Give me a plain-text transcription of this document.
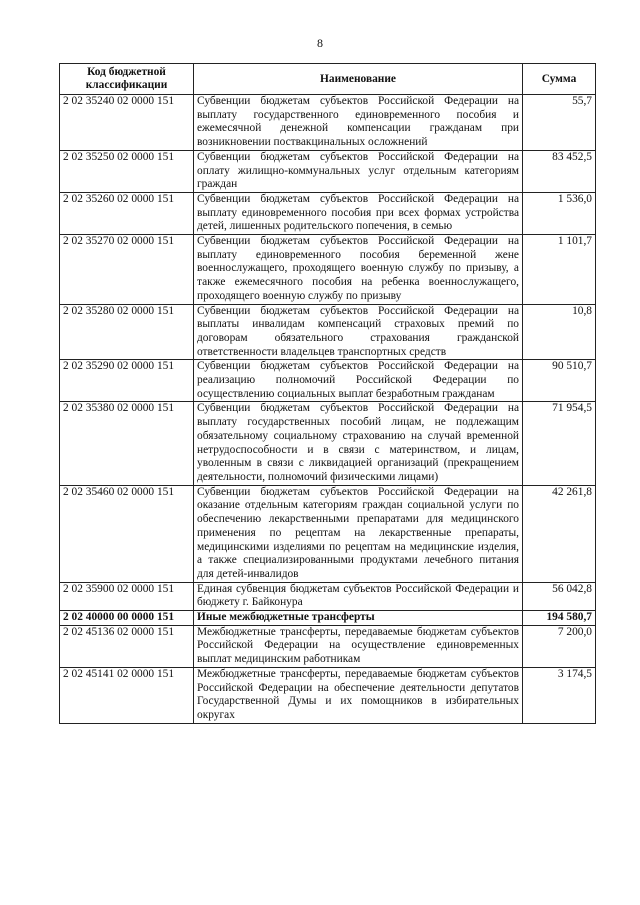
8
Код бюджетной классификации	Наименование	Сумма
2 02 35240 02 0000 151	Субвенции бюджетам субъектов Российской Федерации на выплату государственного единовременного пособия и ежемесячной денежной компенсации гражданам при возникновении поствакцинальных осложнений	55,7
2 02 35250 02 0000 151	Субвенции бюджетам субъектов Российской Федерации на оплату жилищно-коммунальных услуг отдельным категориям граждан	83 452,5
2 02 35260 02 0000 151	Субвенции бюджетам субъектов Российской Федерации на выплату единовременного пособия при всех формах устройства детей, лишенных родительского попечения, в семью	1 536,0
2 02 35270 02 0000 151	Субвенции бюджетам субъектов Российской Федерации на выплату единовременного пособия беременной жене военнослужащего, проходящего военную службу по призыву, а также ежемесячного пособия на ребенка военнослужащего, проходящего военную службу по призыву	1 101,7
2 02 35280 02 0000 151	Субвенции бюджетам субъектов Российской Федерации на выплаты инвалидам компенсаций страховых премий по договорам обязательного страхования гражданской ответственности владельцев транспортных средств	10,8
2 02 35290 02 0000 151	Субвенции бюджетам субъектов Российской Федерации на реализацию полномочий Российской Федерации по осуществлению социальных выплат безработным гражданам	90 510,7
2 02 35380 02 0000 151	Субвенции бюджетам субъектов Российской Федерации на выплату государственных пособий лицам, не подлежащим обязательному социальному страхованию на случай временной нетрудоспособности и в связи с материнством, и лицам, уволенным в связи с ликвидацией организаций (прекращением деятельности, полномочий физическими лицами)	71 954,5
2 02 35460 02 0000 151	Субвенции бюджетам субъектов Российской Федерации на оказание отдельным категориям граждан социальной услуги по обеспечению лекарственными препаратами для медицинского применения по рецептам на лекарственные препараты, медицинскими изделиями по рецептам на медицинские изделия, а также специализированными продуктами лечебного питания для детей-инвалидов	42 261,8
2 02 35900 02 0000 151	Единая субвенция бюджетам субъектов Российской Федерации и бюджету г. Байконура	56 042,8
2 02 40000 00 0000 151	Иные межбюджетные трансферты	194 580,7
2 02 45136 02 0000 151	Межбюджетные трансферты, передаваемые бюджетам субъектов Российской Федерации на осуществление единовременных выплат медицинским работникам	7 200,0
2 02 45141 02 0000 151	Межбюджетные трансферты, передаваемые бюджетам субъектов Российской Федерации на обеспечение деятельности депутатов Государственной Думы и их помощников в избирательных округах	3 174,5
